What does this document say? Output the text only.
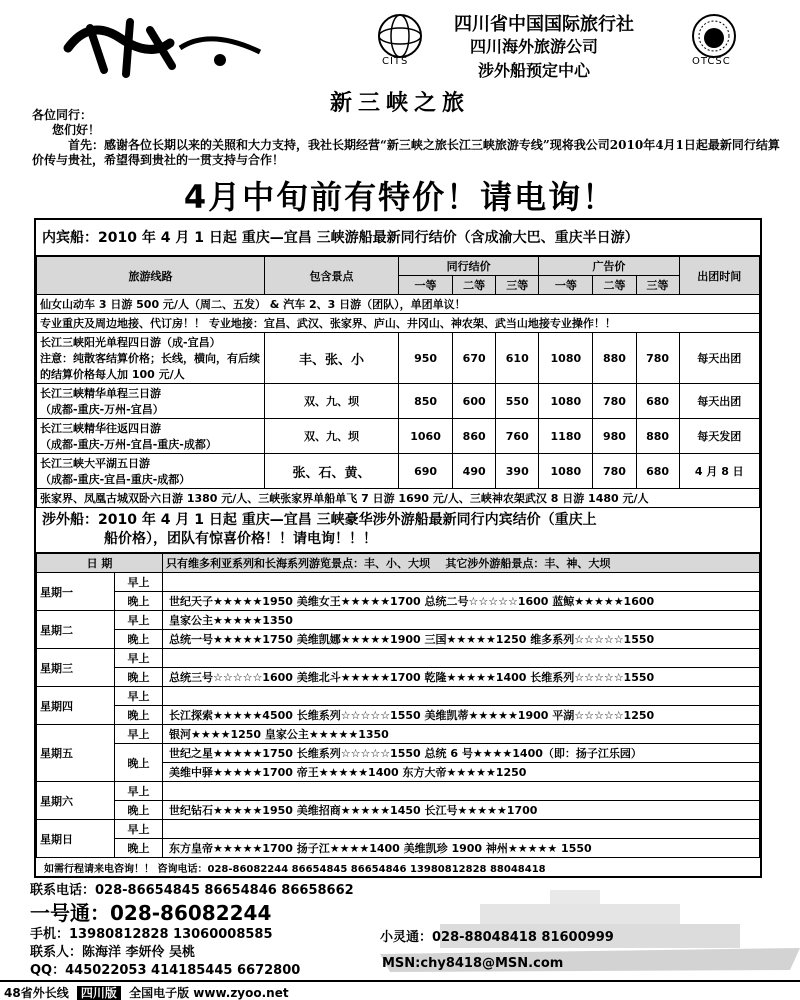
CITS
四川省中国国际旅行社
四川海外旅游公司
涉外船预定中心	OTCSC
新三峡之旅

各位同行：

您们好！

首先：感谢各位长期以来的关照和大力支持，我社长期经营“新三峡之旅长江三峡旅游专线”现将我公司2010年4月1日起最新同行结算价传与贵社，希望得到贵社的一贯支持与合作！

4月中旬前有特价！请电询！
内宾船：2010 年 4 月 1 日起 重庆—宜昌 三峡游船最新同行结价（含成渝大巴、重庆半日游）
旅游线路	包含景点	同行结价			广告价			出团时间
		一等	二等	三等	一等	二等	三等	
仙女山动车 3 日游 500 元/人（周二、五发） & 汽车 2、3 日游（团队），单团单议！								
专业重庆及周边地接、代订房！！ 专业地接：宜昌、武汉、张家界、庐山、井冈山、神农架、武当山地接专业操作！！								

长江三峡阳光单程四日游（成-宜昌）
注意：纯散客结算价格；长线，横向，有后续的结算价格每人加 100 元/人	丰、张、小	950	670	610	1080	880	780	每天出团

长江三峡精华单程三日游
（成都-重庆-万州-宜昌）	双、九、坝	850	600	550	1080	780	680	每天出团

长江三峡精华往返四日游
（成都-重庆-万州-宜昌-重庆-成都）	双、九、坝	1060	860	760	1180	980	880	每天发团

长江三峡大平湖五日游
（成都-重庆-宜昌-重庆-成都）	张、石、黄、	690	490	390	1080	780	680	4 月 8 日
张家界、凤凰古城双卧六日游 1380 元/人、三峡张家界单船单飞 7 日游 1690 元/人、三峡神农架武汉 8 日游 1480 元/人								
涉外船：2010 年 4 月 1 日起 重庆—宜昌 三峡豪华涉外游船最新同行内宾结价（重庆上
船价格），团队有惊喜价格！！请电询！！！
日 期		只有维多利亚系列和长海系列游览景点：丰、小、大坝 其它涉外游船景点：丰、神、大坝
星期一	早上	
	晚上	世纪天子★★★★★1950 美维女王★★★★★1700 总统二号☆☆☆☆☆1600 蓝鲸★★★★★1600
星期二	早上	皇家公主★★★★★1350
	晚上	总统一号★★★★★1750 美维凯娜★★★★★1900 三国★★★★★1250 维多系列☆☆☆☆☆1550
星期三	早上	
	晚上	总统三号☆☆☆☆☆1600 美维北斗★★★★★1700 乾隆★★★★★1400 长维系列☆☆☆☆☆1550
星期四	早上	
	晚上	长江探索★★★★★4500 长维系列☆☆☆☆☆1550 美维凯蒂★★★★★1900 平湖☆☆☆☆☆1250
星期五	早上	银河★★★★1250 皇家公主★★★★★1350
	晚上	世纪之星★★★★★1750 长维系列☆☆☆☆☆1550 总统 6 号★★★★1400（即：扬子江乐园）
		美维中驿★★★★★1700 帝王★★★★★1400 东方大帝★★★★★1250
星期六	早上	
	晚上	世纪钻石★★★★★1950 美维招商★★★★★1450 长江号★★★★★1700
星期日	早上	
	晚上	东方皇帝★★★★★1700 扬子江★★★★1400 美维凯珍 1900 神州★★★★★ 1550
如需行程请来电咨询！！ 咨询电话：028-86082244 86654845 86654846 13980812828 88048418
联系电话：028-86654845 86654846 86658662
一号通：028-86082244
手机：13980812828 13060008585
联系人：陈海洋 李妍伶 吴桃
QQ：445022053 414185445 6672800
小灵通：028-88048418 81600999
MSN:chy8418@MSN.com
48省外长线 四川版 全国电子版 www.zyoo.net
